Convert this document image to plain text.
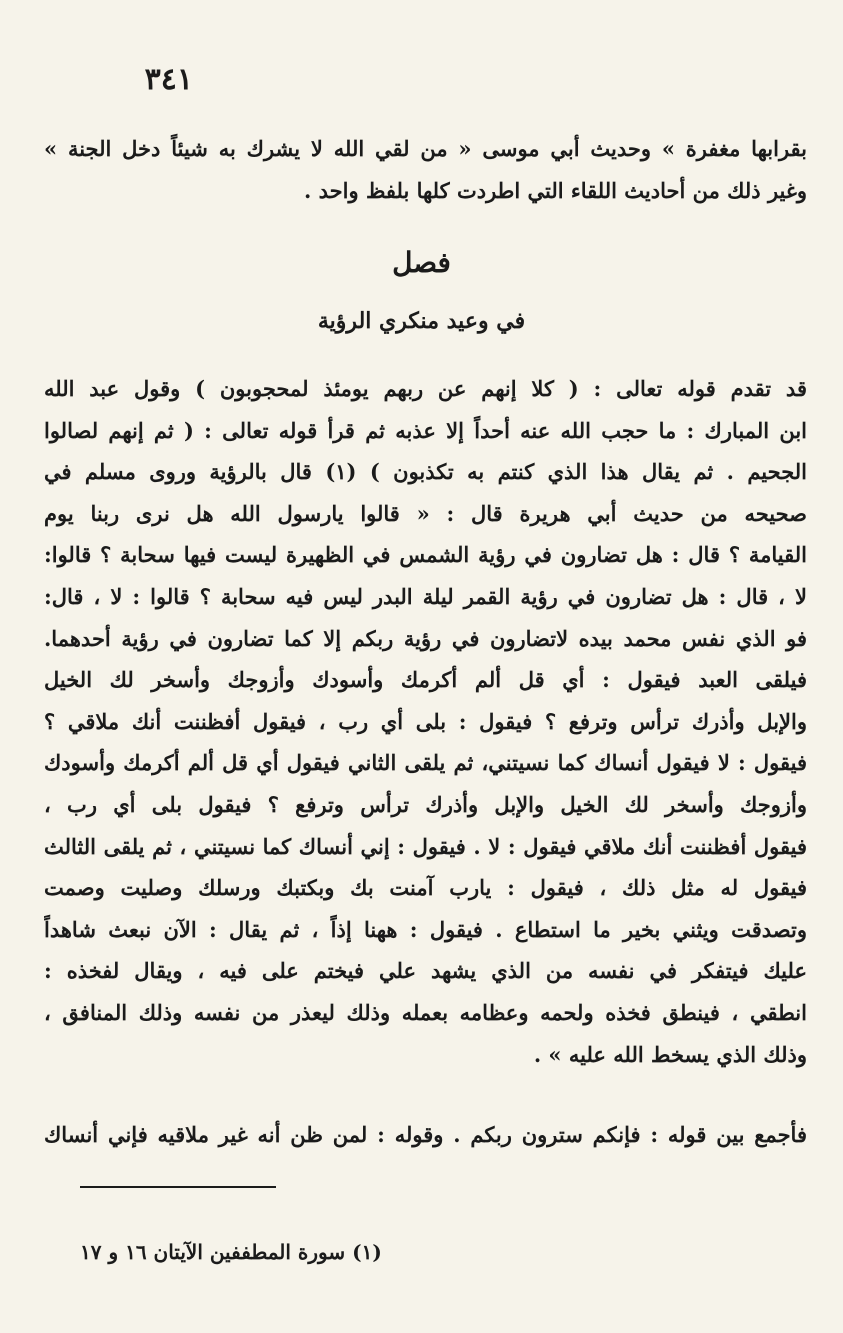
٣٤١
بقرابها مغفرة » وحديث أبي موسى « من لقي الله لا يشرك به شيئاً دخل الجنة »
وغير ذلك من أحاديث اللقاء التي اطردت كلها بلفظ واحد .
فصل
في وعيد منكري الرؤية
قد تقدم قوله تعالى : ( كلا إنهم عن ربهم يومئذ لمحجوبون ) وقول عبد الله
ابن المبارك : ما حجب الله عنه أحداً إلا عذبه ثم قرأ قوله تعالى : ( ثم إنهم لصالوا
الجحيم . ثم يقال هذا الذي كنتم به تكذبون ) (١) قال بالرؤية وروى مسلم في
صحيحه من حديث أبي هريرة قال : « قالوا يارسول الله هل نرى ربنا يوم
القيامة ؟ قال : هل تضارون في رؤية الشمس في الظهيرة ليست فيها سحابة ؟ قالوا:
لا ، قال : هل تضارون في رؤية القمر ليلة البدر ليس فيه سحابة ؟ قالوا : لا ، قال:
فو الذي نفس محمد بيده لاتضارون في رؤية ربكم إلا كما تضارون في رؤية أحدهما.
فيلقى العبد فيقول : أي قل ألم أكرمك وأسودك وأزوجك وأسخر لك الخيل
والإبل وأذرك ترأس وترفع ؟ فيقول : بلى أي رب ، فيقول أفظننت أنك ملاقي ؟
فيقول : لا فيقول أنساك كما نسيتني، ثم يلقى الثاني فيقول أي قل ألم أكرمك وأسودك
وأزوجك وأسخر لك الخيل والإبل وأذرك ترأس وترفع ؟ فيقول بلى أي رب ،
فيقول أفظننت أنك ملاقي فيقول : لا . فيقول : إني أنساك كما نسيتني ، ثم يلقى الثالث
فيقول له مثل ذلك ، فيقول : يارب آمنت بك وبكتبك ورسلك وصليت وصمت
وتصدقت ويثني بخير ما استطاع . فيقول : ههنا إذاً ، ثم يقال : الآن نبعث شاهداً
عليك فيتفكر في نفسه من الذي يشهد علي فيختم على فيه ، ويقال لفخذه :
انطقي ، فينطق فخذه ولحمه وعظامه بعمله وذلك ليعذر من نفسه وذلك المنافق ،
وذلك الذي يسخط الله عليه » .
فأجمع بين قوله : فإنكم سترون ربكم . وقوله : لمن ظن أنه غير ملاقيه فإني أنساك
(١) سورة المطففين الآيتان ١٦ و ١٧
